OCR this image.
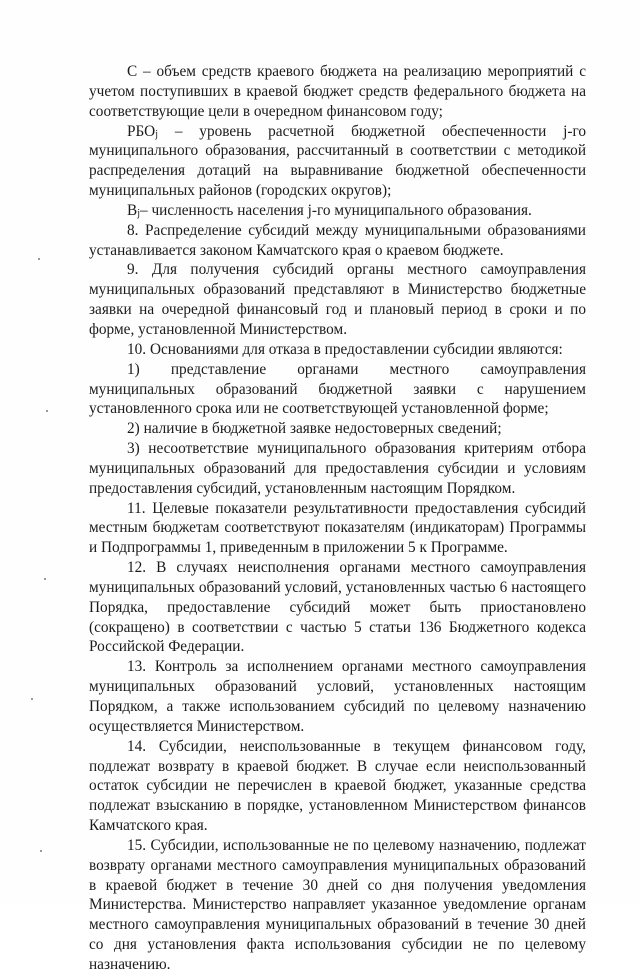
С – объем средств краевого бюджета на реализацию мероприятий с учетом поступивших в краевой бюджет средств федерального бюджета на соответствующие цели в очередном финансовом году;

$РБО_j$ – уровень расчетной бюджетной обеспеченности j-го муниципального образования, рассчитанный в соответствии с методикой распределения дотаций на выравнивание бюджетной обеспеченности муниципальных районов (городских округов);

$B_j-$ численность населения j-го муниципального образования.

8. Распределение субсидий между муниципальными образованиями устанавливается законом Камчатского края о краевом бюджете.

9. Для получения субсидий органы местного самоуправления муниципальных образований представляют в Министерство бюджетные заявки на очередной финансовый год и плановый период в сроки и по форме, установленной Министерством.

10. Основаниями для отказа в предоставлении субсидии являются:

1) представление органами местного самоуправления муниципальных образований бюджетной заявки с нарушением установленного срока или не соответствующей установленной форме;

2) наличие в бюджетной заявке недостоверных сведений;

3) несоответствие муниципального образования критериям отбора муниципальных образований для предоставления субсидии и условиям предоставления субсидий, установленным настоящим Порядком.

11. Целевые показатели результативности предоставления субсидий местным бюджетам соответствуют показателям (индикаторам) Программы и Подпрограммы 1, приведенным в приложении 5 к Программе.

12. В случаях неисполнения органами местного самоуправления муниципальных образований условий, установленных частью 6 настоящего Порядка, предоставление субсидий может быть приостановлено (сокращено) в соответствии с частью 5 статьи 136 Бюджетного кодекса Российской Федерации.

13. Контроль за исполнением органами местного самоуправления муниципальных образований условий, установленных настоящим Порядком, а также использованием субсидий по целевому назначению осуществляется Министерством.

14. Субсидии, неиспользованные в текущем финансовом году, подлежат возврату в краевой бюджет. В случае если неиспользованный остаток субсидии не перечислен в краевой бюджет, указанные средства подлежат взысканию в порядке, установленном Министерством финансов Камчатского края.

15. Субсидии, использованные не по целевому назначению, подлежат возврату органами местного самоуправления муниципальных образований в краевой бюджет в течение 30 дней со дня получения уведомления Министерства. Министерство направляет указанное уведомление органам местного самоуправления муниципальных образований в течение 30 дней со дня установления факта использования субсидии не по целевому назначению.
